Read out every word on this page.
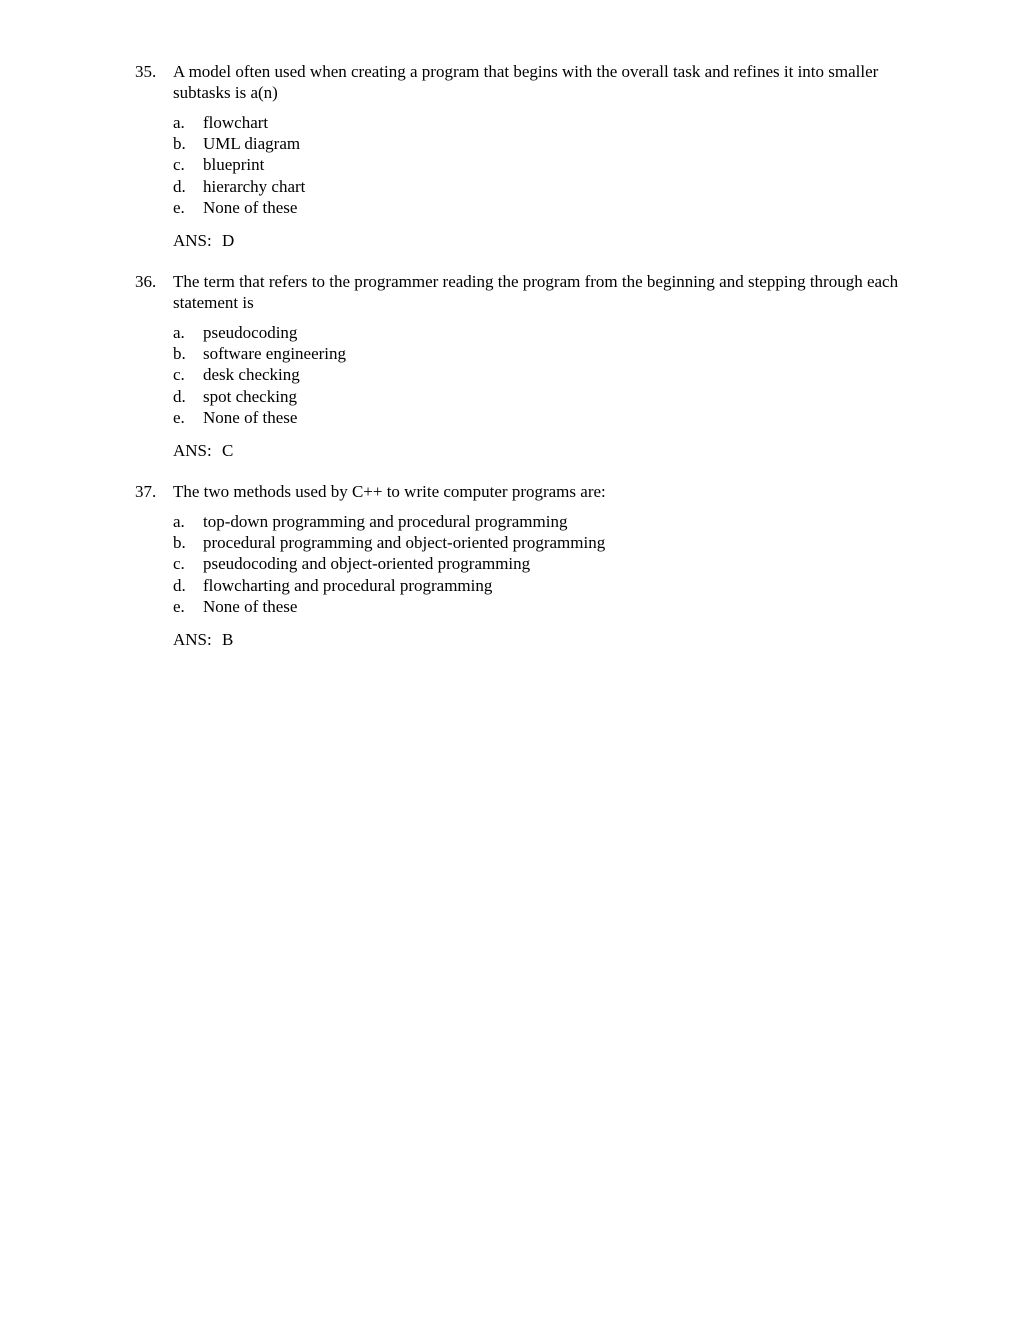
35. A model often used when creating a program that begins with the overall task and refines it into smaller subtasks is a(n)

a.	flowchart
b.	UML diagram
c.	blueprint
d.	hierarchy chart
e.	None of these
ANS: D
36. The term that refers to the programmer reading the program from the beginning and stepping through each statement is

a.	pseudocoding
b.	software engineering
c.	desk checking
d.	spot checking
e.	None of these
ANS: C
37. The two methods used by C++ to write computer programs are:

a.	top-down programming and procedural programming
b.	procedural programming and object-oriented programming
c.	pseudocoding and object-oriented programming
d.	flowcharting and procedural programming
e.	None of these
ANS: B
